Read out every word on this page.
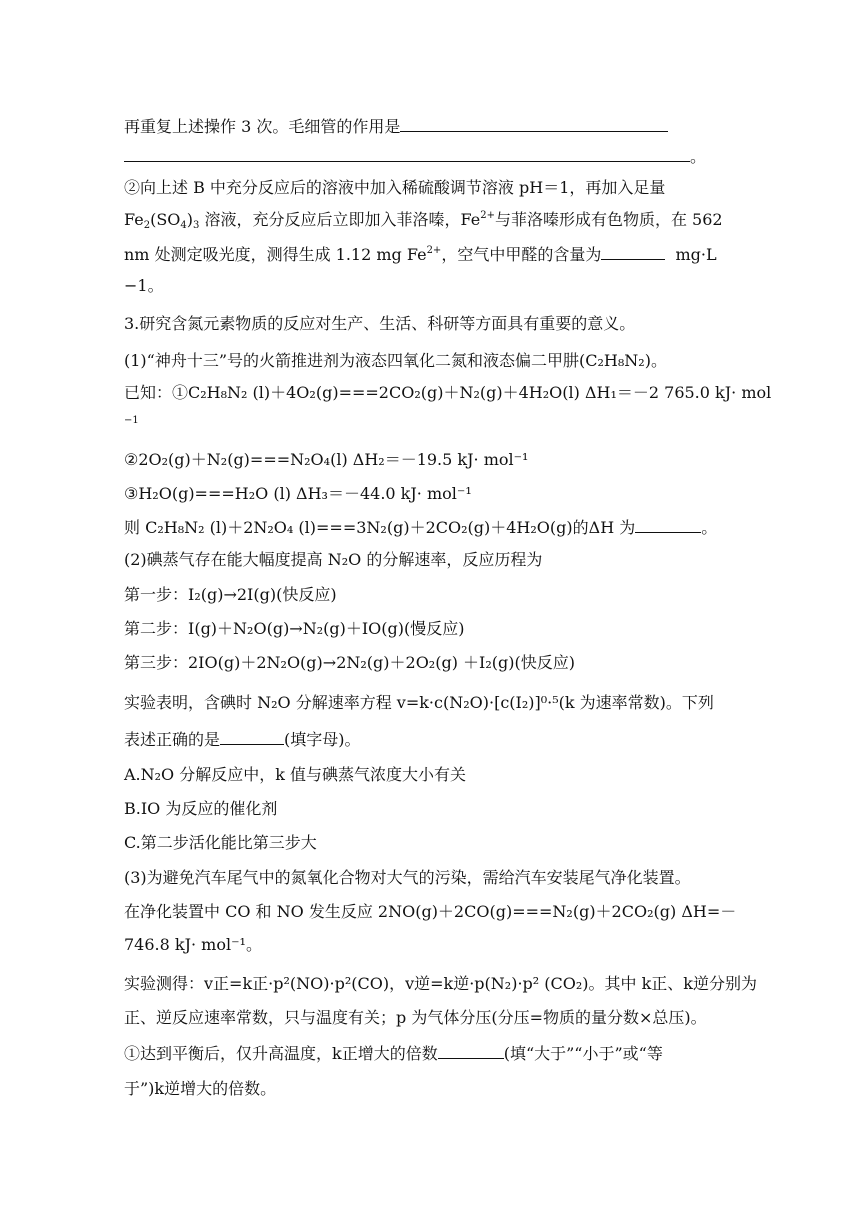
再重复上述操作 3 次。毛细管的作用是
。
②向上述 B 中充分反应后的溶液中加入稀硫酸调节溶液 pH＝1，再加入足量
$Fe_2(SO_4)_3$ 溶液，充分反应后立即加入菲洛嗪，$Fe^{2+}$与菲洛嗪形成有色物质，在 562
nm 处测定吸光度，测得生成 1.12 mg $Fe^{2+}$，空气中甲醛的含量为	mg·L
−1。
3.研究含氮元素物质的反应对生产、生活、科研等方面具有重要的意义。
(1)“神舟十三”号的火箭推进剂为液态四氧化二氮和液态偏二甲肼(C₂H₈N₂)。
已知：①C₂H₈N₂ (l)＋4O₂(g)===2CO₂(g)＋N₂(g)＋4H₂O(l) ΔH₁＝－2 765.0 kJ· mol
−1
②2O₂(g)＋N₂(g)===N₂O₄(l) ΔH₂＝－19.5 kJ· mol⁻¹
③H₂O(g)===H₂O (l) ΔH₃＝－44.0 kJ· mol⁻¹
则 C₂H₈N₂ (l)＋2N₂O₄ (l)===3N₂(g)＋2CO₂(g)＋4H₂O(g)的ΔH 为	。
(2)碘蒸气存在能大幅度提高 N₂O 的分解速率，反应历程为
第一步：I₂(g)→2I(g)(快反应)
第二步：I(g)＋N₂O(g)→N₂(g)＋IO(g)(慢反应)
第三步：2IO(g)＋2N₂O(g)→2N₂(g)＋2O₂(g) ＋I₂(g)(快反应)
实验表明，含碘时 N₂O 分解速率方程 v=k·c(N₂O)·[c(I₂)]⁰·⁵(k 为速率常数)。下列
表述正确的是	(填字母)。
A.N₂O 分解反应中，k 值与碘蒸气浓度大小有关
B.IO 为反应的催化剂
C.第二步活化能比第三步大
(3)为避免汽车尾气中的氮氧化合物对大气的污染，需给汽车安装尾气净化装置。
在净化装置中 CO 和 NO 发生反应 2NO(g)＋2CO(g)===N₂(g)＋2CO₂(g) ΔH=－
746.8 kJ· mol⁻¹。
实验测得：v正=k正·p²(NO)·p²(CO)，v逆=k逆·p(N₂)·p² (CO₂)。其中 k正、k逆分别为
正、逆反应速率常数，只与温度有关；p 为气体分压(分压=物质的量分数×总压)。
①达到平衡后，仅升高温度，k正增大的倍数	(填“大于”“小于”或“等
于”)k逆增大的倍数。
